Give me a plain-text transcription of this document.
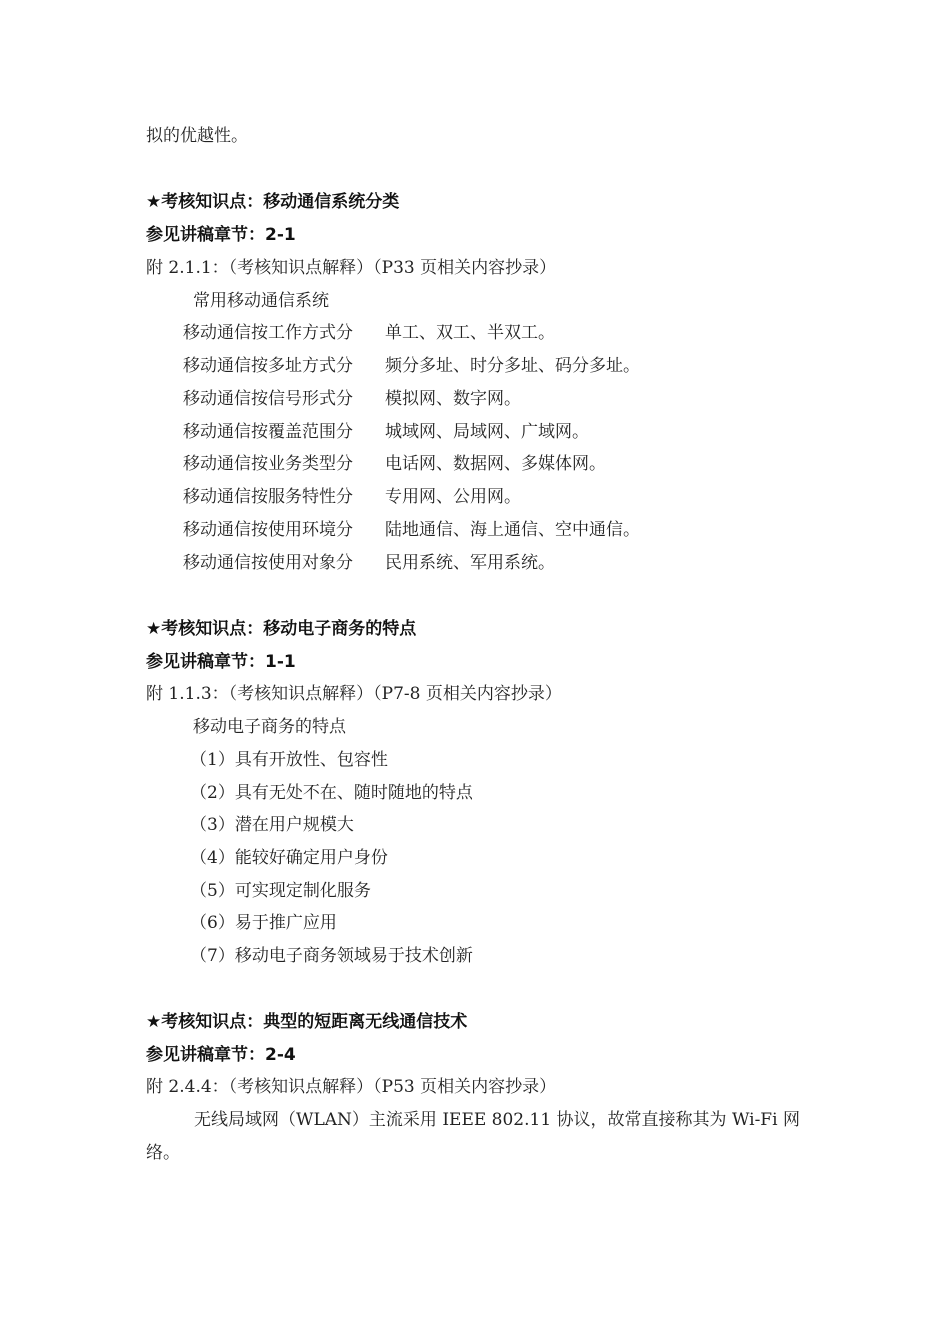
拟的优越性。
★考核知识点：移动通信系统分类
参见讲稿章节：2-1
附 2.1.1：（考核知识点解释）（P33 页相关内容抄录）
常用移动通信系统
移动通信按工作方式分 单工、双工、半双工。
移动通信按多址方式分 频分多址、时分多址、码分多址。
移动通信按信号形式分 模拟网、数字网。
移动通信按覆盖范围分 城域网、局域网、广域网。
移动通信按业务类型分 电话网、数据网、多媒体网。
移动通信按服务特性分 专用网、公用网。
移动通信按使用环境分 陆地通信、海上通信、空中通信。
移动通信按使用对象分 民用系统、军用系统。
★考核知识点：移动电子商务的特点
参见讲稿章节：1-1
附 1.1.3：（考核知识点解释）（P7-8 页相关内容抄录）
移动电子商务的特点
（1）具有开放性、包容性
（2）具有无处不在、随时随地的特点
（3）潜在用户规模大
（4）能较好确定用户身份
（5）可实现定制化服务
（6）易于推广应用
（7）移动电子商务领域易于技术创新
★考核知识点：典型的短距离无线通信技术
参见讲稿章节：2-4
附 2.4.4：（考核知识点解释）（P53 页相关内容抄录）
无线局域网（WLAN）主流采用 IEEE 802.11 协议，故常直接称其为 Wi-Fi 网络。
